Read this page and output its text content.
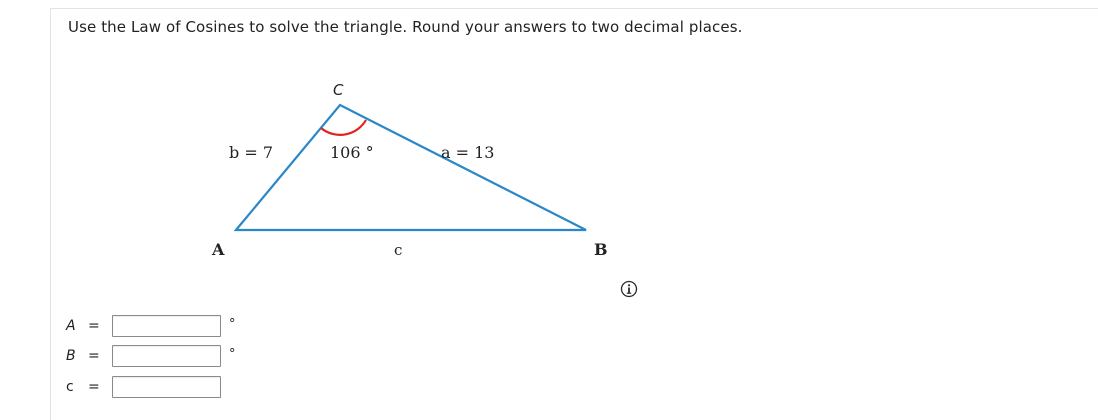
Use the Law of Cosines to solve the triangle. Round your answers to two decimal places.
C
b = 7	106 °	a = 13
A	c	B
A =	°
B =	°
c	=
